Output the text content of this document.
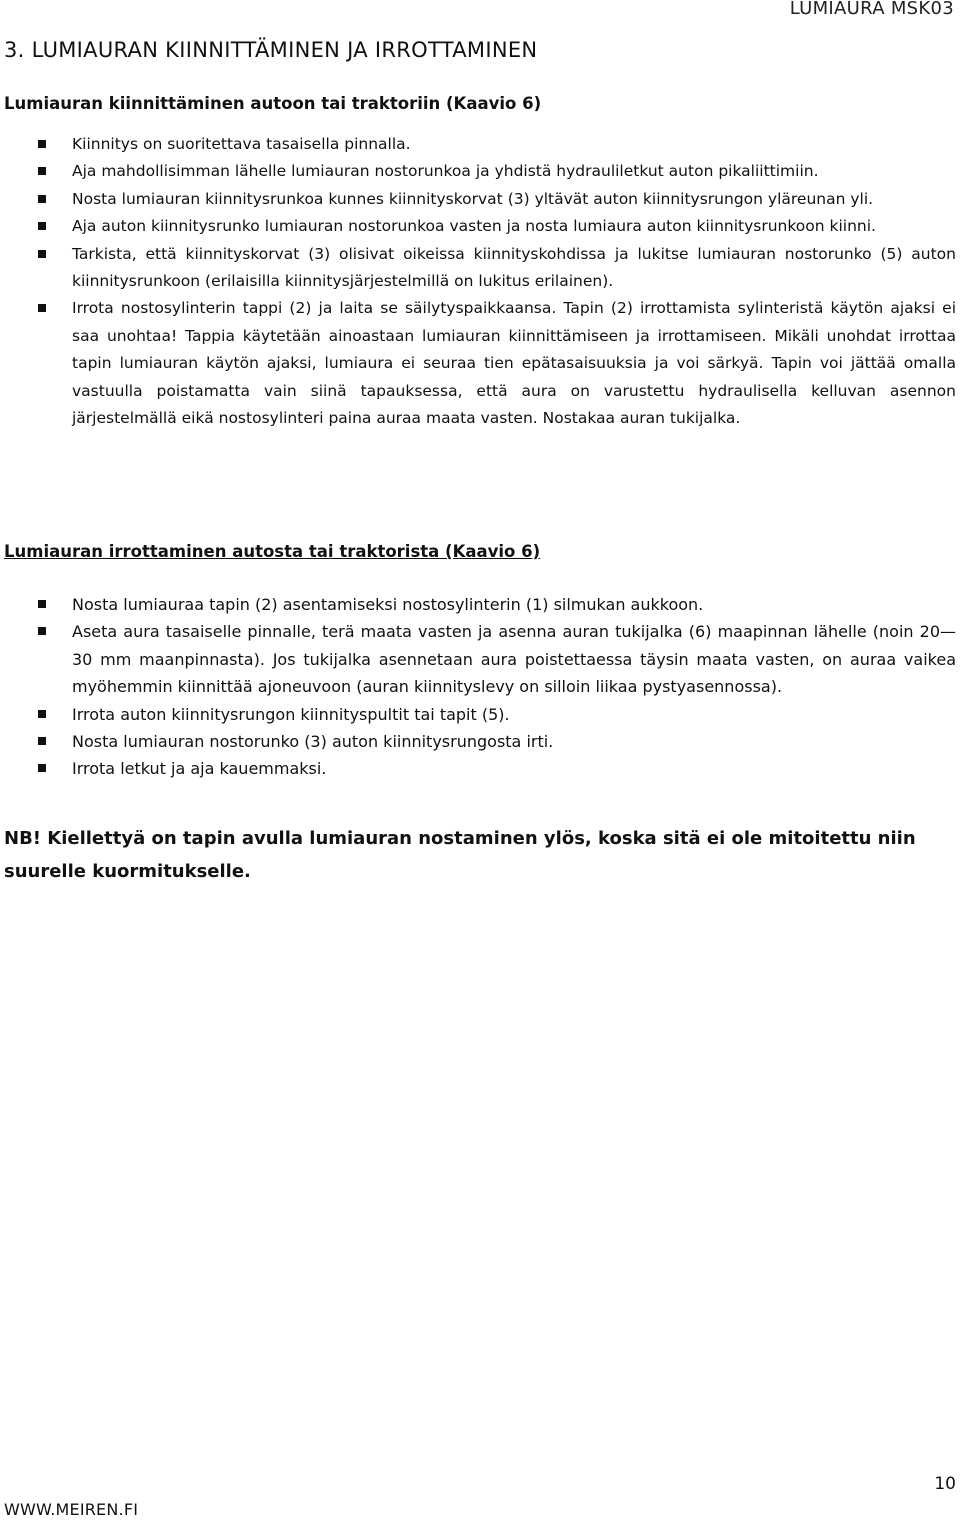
LUMIAURA MSK03
3. LUMIAURAN KIINNITTÄMINEN JA IRROTTAMINEN
Lumiauran kiinnittäminen autoon tai traktoriin (Kaavio 6)
Kiinnitys on suoritettava tasaisella pinnalla.
Aja mahdollisimman lähelle lumiauran nostorunkoa ja yhdistä hydrauliletkut auton pikaliittimiin.
Nosta lumiauran kiinnitysrunkoa kunnes kiinnityskorvat (3) yltävät auton kiinnitysrungon yläreunan yli.
Aja auton kiinnitysrunko lumiauran nostorunkoa vasten ja nosta lumiaura auton kiinnitysrunkoon kiinni.
Tarkista, että kiinnityskorvat (3) olisivat oikeissa kiinnityskohdissa ja lukitse lumiauran nostorunko (5) auton kiinnitysrunkoon (erilaisilla kiinnitysjärjestelmillä on lukitus erilainen).
Irrota nostosylinterin tappi (2) ja laita se säilytyspaikkaansa. Tapin (2) irrottamista sylinteristä käytön ajaksi ei saa unohtaa! Tappia käytetään ainoastaan lumiauran kiinnittämiseen ja irrottamiseen. Mikäli unohdat irrottaa tapin lumiauran käytön ajaksi, lumiaura ei seuraa tien epätasaisuuksia ja voi särkyä. Tapin voi jättää omalla vastuulla poistamatta vain siinä tapauksessa, että aura on varustettu hydraulisella kelluvan asennon järjestelmällä eikä nostosylinteri paina auraa maata vasten. Nostakaa auran tukijalka.
Lumiauran irrottaminen autosta tai traktorista (Kaavio 6)
Nosta lumiauraa tapin (2) asentamiseksi nostosylinterin (1) silmukan aukkoon.
Aseta aura tasaiselle pinnalle, terä maata vasten ja asenna auran tukijalka (6) maapinnan lähelle (noin 20—30 mm maanpinnasta). Jos tukijalka asennetaan aura poistettaessa täysin maata vasten, on auraa vaikea myöhemmin kiinnittää ajoneuvoon (auran kiinnityslevy on silloin liikaa pystyasennossa).
Irrota auton kiinnitysrungon kiinnityspultit tai tapit (5).
Nosta lumiauran nostorunko (3) auton kiinnitysrungosta irti.
Irrota letkut ja aja kauemmaksi.

NB! Kiellettyä on tapin avulla lumiauran nostaminen ylös, koska sitä ei ole mitoitettu niin suurelle kuormitukselle.

10
WWW.MEIREN.FI
